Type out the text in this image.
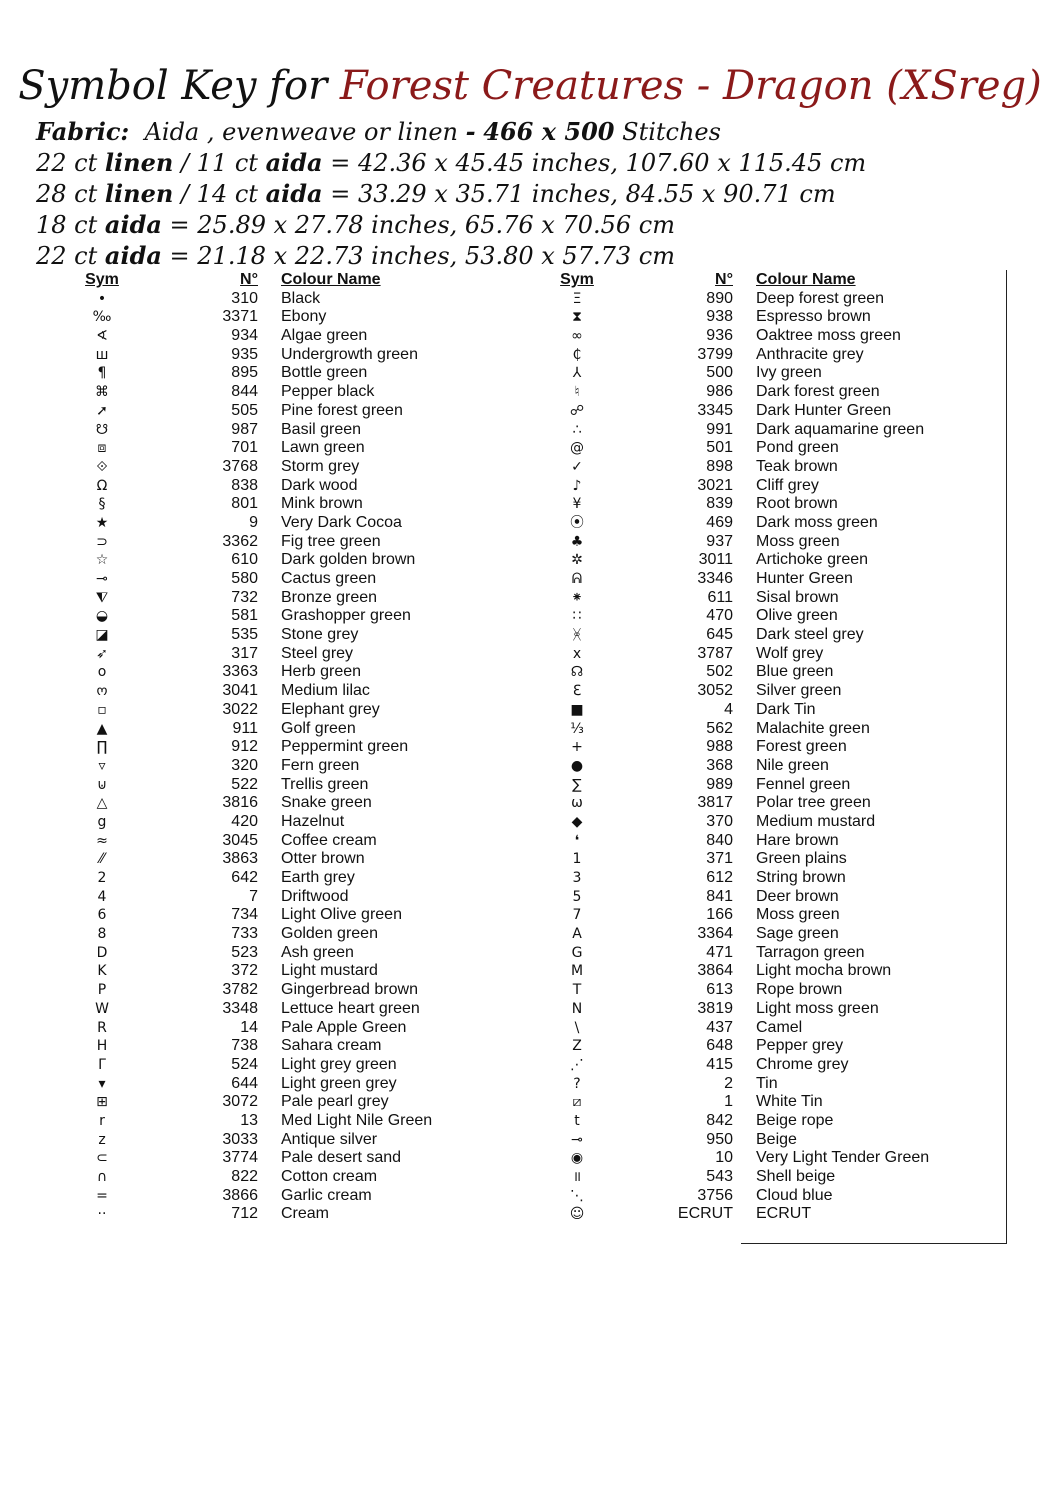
Symbol Key for Forest Creatures - Dragon (XSreg)
Fabric: Aida , evenweave or linen - 466 x 500 Stitches
22 ct linen / 11 ct aida = 42.36 x 45.45 inches, 107.60 x 115.45 cm
28 ct linen / 14 ct aida = 33.29 x 35.71 inches, 84.55 x 90.71 cm
18 ct aida = 25.89 x 27.78 inches, 65.76 x 70.56 cm
22 ct aida = 21.18 x 22.73 inches, 53.80 x 57.73 cm
Sym	N° Colour Name
•	310 Black
‰	3371 Ebony
∢	934 Algae green
ш	935 Undergrowth green
¶	895 Bottle green
⌘	844 Pepper black
➚	505 Pine forest green
☋	987 Basil green
⧈	701 Lawn green
⟐	3768 Storm grey
Ω	838 Dark wood
§	801 Mink brown
★	9 Very Dark Cocoa
⊃	3362 Fig tree green
☆	610 Dark golden brown
⊸	580 Cactus green
⧨	732 Bronze green
◒	581 Grashopper green
◪	535 Stone grey
➶	317 Steel grey
o	3363 Herb green
ო	3041 Medium lilac
▫	3022 Elephant grey
▲	911 Golf green
∏	912 Peppermint green
▿	320 Fern green
⊍	522 Trellis green
△	3816 Snake green
g	420 Hazelnut
≈	3045 Coffee cream
⁄⁄	3863 Otter brown
2	642 Earth grey
4	7 Driftwood
6	734 Light Olive green
8	733 Golden green
D	523 Ash green
K	372 Light mustard
P	3782 Gingerbread brown
W	3348 Lettuce heart green
R	14 Pale Apple Green
H	738 Sahara cream
Γ	524 Light grey green
▾	644 Light green grey
⊞	3072 Pale pearl grey
r	13 Med Light Nile Green
z	3033 Antique silver
⊂	3774 Pale desert sand
∩	822 Cotton cream
=	3866 Garlic cream
··	712 Cream
Sym	N° Colour Name
Ξ	890 Deep forest green
⧗	938 Espresso brown
∞	936 Oaktree moss green
₵	3799 Anthracite grey
⅄	500 Ivy green
♮	986 Dark forest green
☍	3345 Dark Hunter Green
∴	991 Dark aquamarine green
@	501 Pond green
✓	898 Teak brown
♪	3021 Cliff grey
¥	839 Root brown
⦿	469 Dark moss green
♣	937 Moss green
✲	3011 Artichoke green
ᕱ	3346 Hunter Green
⁕	611 Sisal brown
∷	470 Olive green
ᚸ	645 Dark steel grey
x	3787 Wolf grey
☊	502 Blue green
ℇ	3052 Silver green
■	4 Dark Tin
⅓	562 Malachite green
+	988 Forest green
●	368 Nile green
∑	989 Fennel green
ѡ	3817 Polar tree green
◆	370 Medium mustard
❛	840 Hare brown
1	371 Green plains
3	612 String brown
5	841 Deer brown
7	166 Moss green
A	3364 Sage green
G	471 Tarragon green
M	3864 Light mocha brown
T	613 Rope brown
N	3819 Light moss green
\	437 Camel
Z	648 Pepper grey
⋰	415 Chrome grey
?	2 Tin
⧄	1 White Tin
t	842 Beige rope
⊸	950 Beige
◉	10 Very Light Tender Green
॥	543 Shell beige
⋱	3756 Cloud blue
☺	ECRUT ECRUT
